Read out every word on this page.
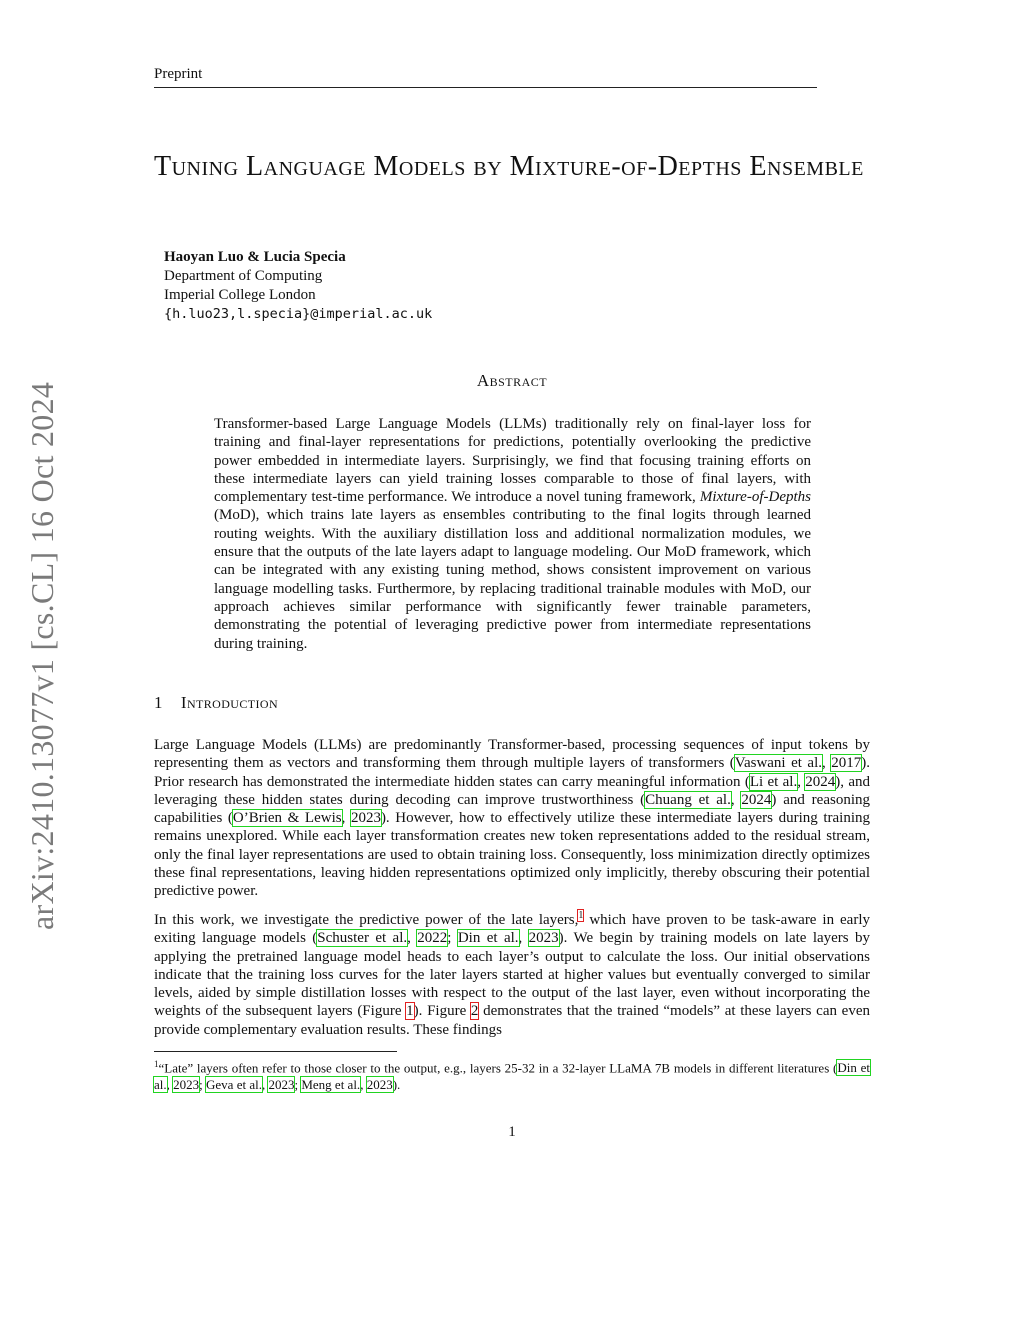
Preprint
arXiv:2410.13077v1 [cs.CL] 16 Oct 2024
Tuning Language Models by Mixture-of-Depths Ensemble
Haoyan Luo & Lucia Specia
Department of Computing
Imperial College London
{h.luo23,l.specia}@imperial.ac.uk
Abstract

Transformer-based Large Language Models (LLMs) traditionally rely on final-layer loss for training and final-layer representations for predictions, potentially overlooking the predictive power embedded in intermediate layers. Surprisingly, we find that focusing training efforts on these intermediate layers can yield training losses comparable to those of final layers, with complementary test-time performance. We introduce a novel tuning framework, Mixture-of-Depths (MoD), which trains late layers as ensembles contributing to the final logits through learned routing weights. With the auxiliary distillation loss and additional normalization modules, we ensure that the outputs of the late layers adapt to language modeling. Our MoD framework, which can be integrated with any existing tuning method, shows consistent improvement on various language modelling tasks. Furthermore, by replacing traditional trainable modules with MoD, our approach achieves similar performance with significantly fewer trainable parameters, demonstrating the potential of leveraging predictive power from intermediate representations during training.

1 Introduction

Large Language Models (LLMs) are predominantly Transformer-based, processing sequences of input tokens by representing them as vectors and transforming them through multiple layers of transformers (Vaswani et al., 2017). Prior research has demonstrated the intermediate hidden states can carry meaningful information (Li et al., 2024), and leveraging these hidden states during decoding can improve trustworthiness (Chuang et al., 2024) and reasoning capabilities (O’Brien & Lewis, 2023). However, how to effectively utilize these intermediate layers during training remains unexplored. While each layer transformation creates new token representations added to the residual stream, only the final layer representations are used to obtain training loss. Consequently, loss minimization directly optimizes these final representations, leaving hidden representations optimized only implicitly, thereby obscuring their potential predictive power.

In this work, we investigate the predictive power of the late layers,$^1$ which have proven to be task-aware in early exiting language models (Schuster et al., 2022; Din et al., 2023). We begin by training models on late layers by applying the pretrained language model heads to each layer’s output to calculate the loss. Our initial observations indicate that the training loss curves for the later layers started at higher values but eventually converged to similar levels, aided by simple distillation losses with respect to the output of the last layer, even without incorporating the weights of the subsequent layers (Figure 1). Figure 2 demonstrates that the trained “models” at these layers can even provide complementary evaluation results. These findings

$^1$“Late” layers often refer to those closer to the output, e.g., layers 25-32 in a 32-layer LLaMA 7B models in different literatures (Din et al., 2023; Geva et al., 2023; Meng et al., 2023).

1
